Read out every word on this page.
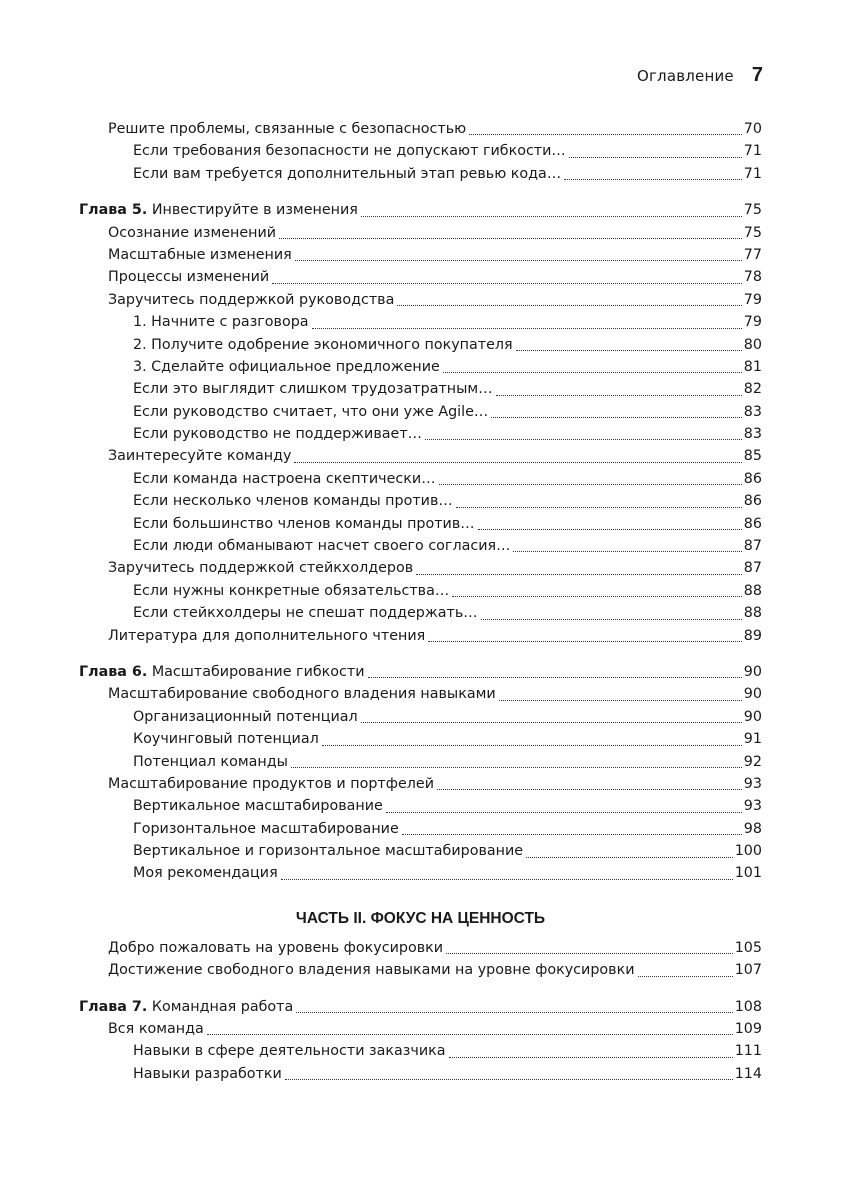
Оглавление 7
Решите проблемы, связанные с безопасностью	70
Если требования безопасности не допускают гибкости…	71
Если вам требуется дополнительный этап ревью кода…	71
Глава 5. Инвестируйте в изменения	75
Осознание изменений	75
Масштабные изменения	77
Процессы изменений	78
Заручитесь поддержкой руководства	79
1. Начните с разговора	79
2. Получите одобрение экономичного покупателя	80
3. Сделайте официальное предложение	81
Если это выглядит слишком трудозатратным…	82
Если руководство считает, что они уже Agile…	83
Если руководство не поддерживает…	83
Заинтересуйте команду	85
Если команда настроена скептически…	86
Если несколько членов команды против…	86
Если большинство членов команды против…	86
Если люди обманывают насчет своего согласия…	87
Заручитесь поддержкой стейкхолдеров	87
Если нужны конкретные обязательства…	88
Если стейкхолдеры не спешат поддержать…	88
Литература для дополнительного чтения	89
Глава 6. Масштабирование гибкости	90
Масштабирование свободного владения навыками	90
Организационный потенциал	90
Коучинговый потенциал	91
Потенциал команды	92
Масштабирование продуктов и портфелей	93
Вертикальное масштабирование	93
Горизонтальное масштабирование	98
Вертикальное и горизонтальное масштабирование	100
Моя рекомендация	101
ЧАСТЬ II. ФОКУС НА ЦЕННОСТЬ
Добро пожаловать на уровень фокусировки	105
Достижение свободного владения навыками на уровне фокусировки	107
Глава 7. Командная работа	108
Вся команда	109
Навыки в сфере деятельности заказчика	111
Навыки разработки	114
